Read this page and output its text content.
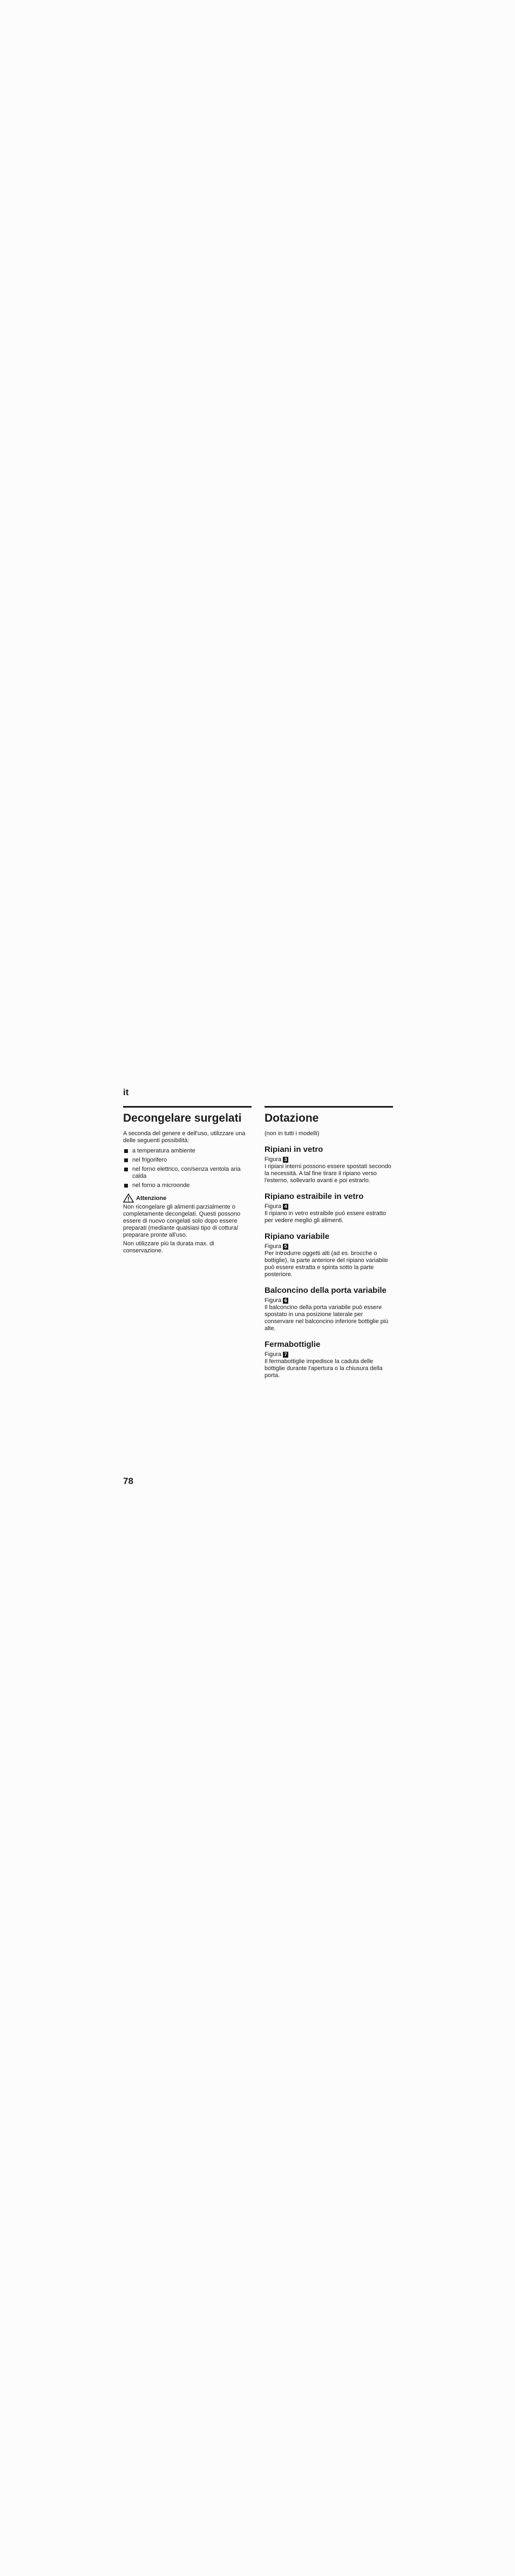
it
Decongelare surgelati

A seconda del genere e dell'uso, utilizzare una delle seguenti possibilità:

a temperatura ambiente
nel frigorifero
nel forno elettrico, con/senza ventola aria calda
nel forno a microonde
Attenzione

Non ricongelare gli alimenti parzialmente o completamente decongelati. Questi possono essere di nuovo congelati solo dopo essere preparati (mediante qualsiasi tipo di cottura/ preparare pronte all'uso.

Non utilizzare più la durata max. di conservazione.

Dotazione

(non in tutti i modelli)

Ripiani in vetro

Figura 3

I ripiani interni possono essere spostati secondo la necessità. A tal fine tirare il ripiano verso l'esterno, sollevarlo avanti e poi estrarlo.

Ripiano estraibile in vetro

Figura 4

Il ripiano in vetro estraibile può essere estratto per vedere meglio gli alimenti.

Ripiano variabile

Figura 5

Per introdurre oggetti alti (ad es. brocche o bottiglie), la parte anteriore del ripiano variabile può essere estratta e spinta sotto la parte posteriore.

Balconcino della porta variabile

Figura 6

Il balconcino della porta variabile può essere spostato in una posizione laterale per conservare nel balconcino inferiore bottiglie più alte.

Fermabottiglie

Figura 7

Il fermabottiglie impedisce la caduta delle bottiglie durante l'apertura o la chiusura della porta.

78
